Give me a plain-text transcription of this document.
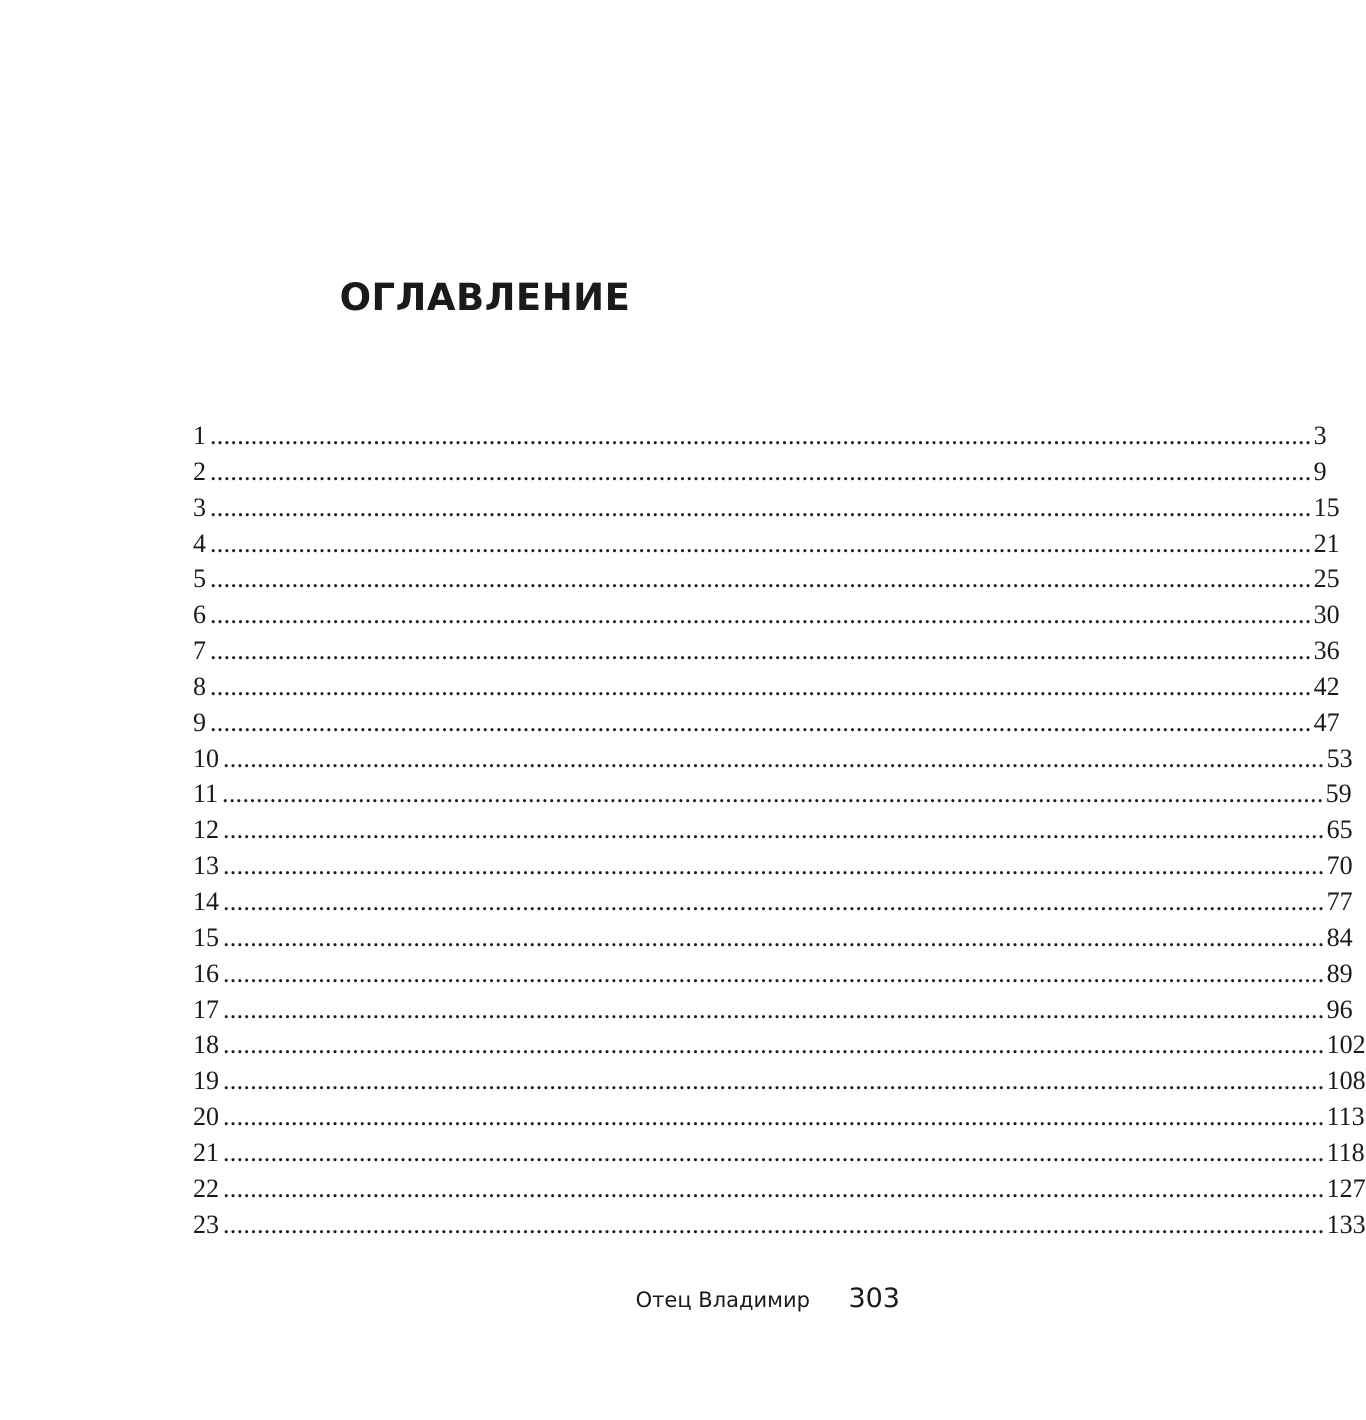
ОГЛАВЛЕНИЕ
1 .................................................................................................................................................................. 3
2 .................................................................................................................................................................. 9
3 .................................................................................................................................................................. 15
4 .................................................................................................................................................................. 21
5 .................................................................................................................................................................. 25
6 .................................................................................................................................................................. 30
7 .................................................................................................................................................................. 36
8 .................................................................................................................................................................. 42
9 .................................................................................................................................................................. 47
10 .................................................................................................................................................................. 53
11 .................................................................................................................................................................. 59
12 .................................................................................................................................................................. 65
13 .................................................................................................................................................................. 70
14 .................................................................................................................................................................. 77
15 .................................................................................................................................................................. 84
16 .................................................................................................................................................................. 89
17 .................................................................................................................................................................. 96
18 .................................................................................................................................................................. 102
19 .................................................................................................................................................................. 108
20 .................................................................................................................................................................. 113
21 .................................................................................................................................................................. 118
22 .................................................................................................................................................................. 127
23 .................................................................................................................................................................. 133
Отец Владимир 303
